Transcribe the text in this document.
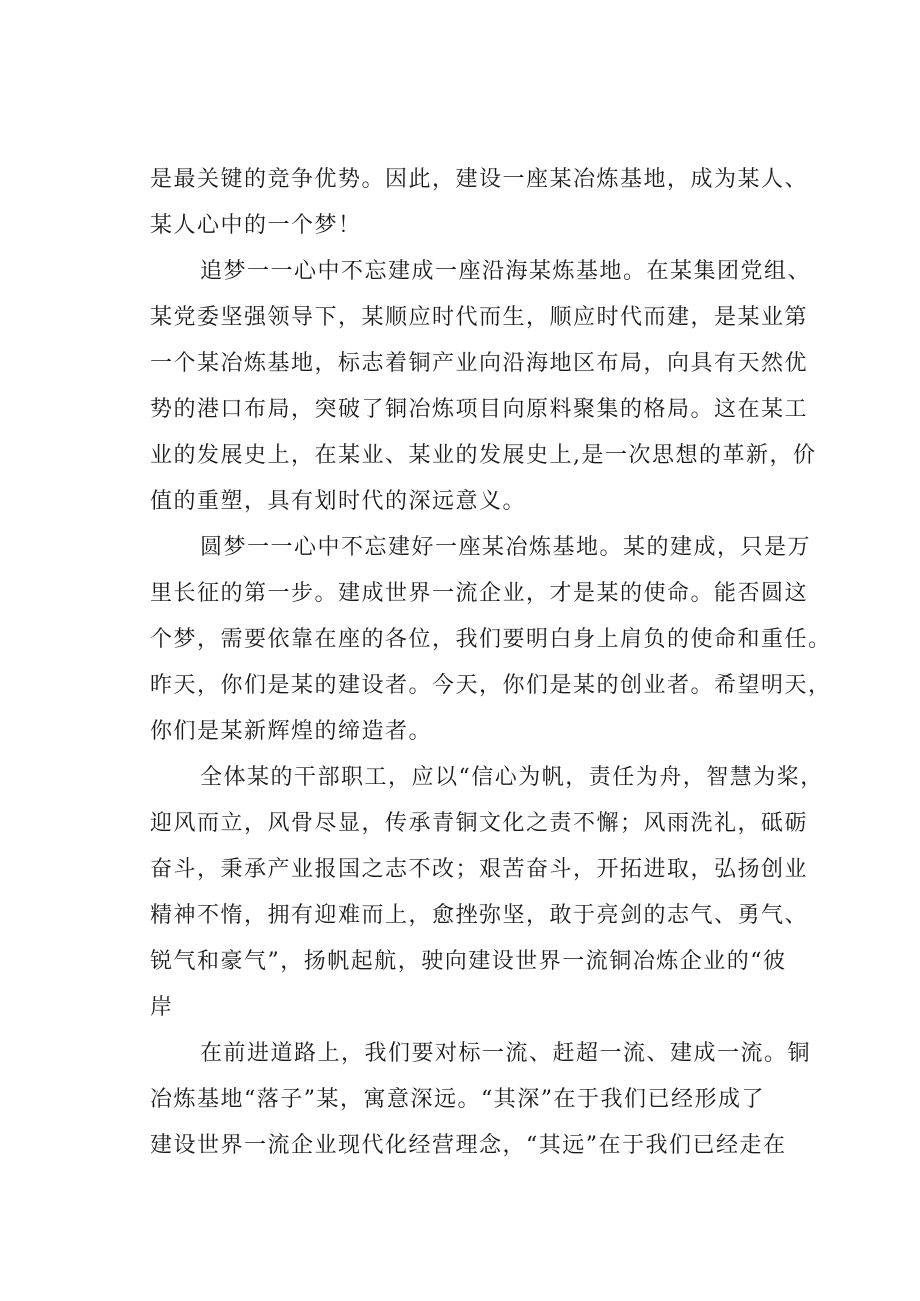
是最关键的竞争优势。因此，建设一座某冶炼基地，成为某人、
某人心中的一个梦！
追梦一一心中不忘建成一座沿海某炼基地。在某集团党组、
某党委坚强领导下，某顺应时代而生，顺应时代而建，是某业第
一个某冶炼基地，标志着铜产业向沿海地区布局，向具有天然优
势的港口布局，突破了铜冶炼项目向原料聚集的格局。这在某工
业的发展史上，在某业、某业的发展史上,是一次思想的革新，价
值的重塑，具有划时代的深远意义。
圆梦一一心中不忘建好一座某冶炼基地。某的建成，只是万
里长征的第一步。建成世界一流企业，才是某的使命。能否圆这
个梦，需要依靠在座的各位，我们要明白身上肩负的使命和重任。
昨天，你们是某的建设者。今天，你们是某的创业者。希望明天，
你们是某新辉煌的缔造者。
全体某的干部职工，应以“信心为帆，责任为舟，智慧为桨，
迎风而立，风骨尽显，传承青铜文化之责不懈；风雨洗礼，砥砺
奋斗，秉承产业报国之志不改；艰苦奋斗，开拓进取，弘扬创业
精神不惰，拥有迎难而上，愈挫弥坚，敢于亮剑的志气、勇气、
锐气和豪气”，扬帆起航，驶向建设世界一流铜冶炼企业的“彼
岸
在前进道路上，我们要对标一流、赶超一流、建成一流。铜
冶炼基地“落子”某，寓意深远。“其深”在于我们已经形成了
建设世界一流企业现代化经营理念，“其远”在于我们已经走在
